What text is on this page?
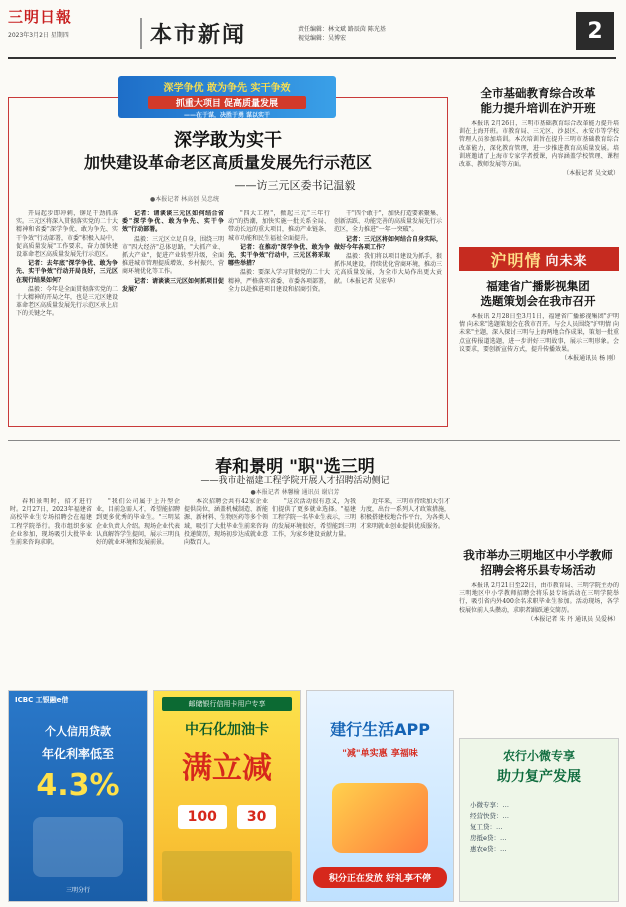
三明日報
2023年3月2日 星期四	本市新闻	责任编辑：林文斌 路辰茵 陈光基
视觉编辑：吴博宏	2
深学争优 敢为争先 实干争效
抓重大项目 促高质量发展
——在于谋，决胜于勇 谋以实干
深学敢为实干
加快建设革命老区高质量发展先行示范区
——访三元区委书记温毅
●本报记者 林高创 吴忠统

开局起步即冲刺，铆足干劲抓落实。三元区将深入贯彻落实党的二十大精神和省委"深学争优、敢为争先、实干争效"行动部署，市委"积极入局中，促高质量发展"工作要求，奋力加快建设革命老区高质量发展先行示范区。

记者：去年底"深学争优、敢为争先、实干争效"行动开局良好，三元区在现行结果如何？

温毅：今年是全面贯彻落实党的二十大精神的开局之年，也是三元区建设革命老区高质量发展先行示范区承上启下的关键之年。

记者：请谈谈三元区如何结合省委"深学争优、敢为争先、实干争效"行动部署。

温毅：三元区立足自身，围绕三明市"四大经济"总体思路，"大抓产业、抓大产业"，促进产业转型升级，全面推进城市管理提质增效、乡村振兴、营商环境优化等工作。

记者：请谈谈三元区如何抓项目促发展？

"四大工程"，掀起三元"三年行动"的热潮，加快实施一批关系全局、带动长远的重大项目，推动产业链条、城市功能和民生福祉全面提升。

记者：在推动"深学争优、敢为争先、实干争效"行动中，三元区将采取哪些举措？

温毅：要深入学习贯彻党的二十大精神，严格落实省委、市委各项部署，全力以赴推进项目建设和招商引资。

干"四个敢于"，加快打造要素聚集、创新活跃、功能完善的高质量发展先行示范区，全力推进"一年一突破"。

记者：三元区将如何结合自身实际，做好今年各项工作？

温毅：我们将以项目建设为抓手，狠抓作风建设，持续优化营商环境，推动三元高质量发展，为全市大局作出更大贡献。（本报记者 吴宏华）

全市基础教育综合改革
能力提升培训在沪开班

本报讯 2月26日，三明市基础教育综合改革能力提升培训在上海开班。市教育局、三元区、沙县区、永安市等学校管理人员参加培训。本次培训旨在提升三明市基础教育综合改革能力，深化教育管理，进一步推进教育高质量发展。培训班邀请了上海市专家学者授课，内容涵盖学校管理、课程改革、教师发展等方面。

（本报记者 吴文斌）

沪明情 向未来
福建省广播影视集团
选题策划会在我市召开

本报讯 2月28日至3月1日，福建省广播影视集团"沪明情 向未来"选题策划会在我市召开。与会人员围绕"沪明情 向未来"主题，深入探讨三明与上海两地合作成果，策划一批重点宣传报道选题，进一步讲好三明故事，展示三明形象。会议要求，要创新宣传方式，提升传播效果。

（本报通讯员 杨 刚）

春和景明 "职"选三明
——我市赴福建工程学院开展人才招聘活动侧记
●本报记者 林馨榆 通讯员 谢启芳

春和景明时，招才进行时。2月27日，2023年福建省高校毕业生专场招聘会在福建工程学院举行。我市组织多家企业参加，现场吸引大批毕业生前来咨询求职。

"我们公司属于上升型企业，目前急需人才，希望能招聘到更多优秀的毕业生。"三明某企业负责人介绍。现场企业代表认真解答学生提问，展示三明良好的就业环境和发展前景。

本次招聘会共有42家企业提供岗位，涵盖机械制造、新能源、新材料、生物医药等多个领域，吸引了大批毕业生前来咨询投递简历，现场初步达成就业意向数百人。

"这次活动很有意义，为我们提供了更多就业选择。"福建工程学院一名毕业生表示，三明的发展环境很好，希望能到三明工作，为家乡建设贡献力量。

近年来，三明市持续加大引才力度，出台一系列人才政策措施，积极搭建校地合作平台，为各类人才来明就业创业提供优质服务。

我市举办三明地区中小学教师
招聘会将乐县专场活动

本报讯 2月21日至22日，由市教育局、三明学院主办的三明地区中小学教师招聘会将乐县专场活动在三明学院举行，吸引省内外400余名求职毕业生参加。活动现场，各学校展位前人头攒动，求职者踊跃递交简历。

（本报记者 朱 丹 通讯员 吴爱林）

ICBC 工银融e借
个人信用贷款
年化利率低至
4.3%
三明分行
邮储银行信用卡用户专享
中石化加油卡
满立减
100	30
建行生活APP
"减"单实惠 享福味
积分正在发放 好礼享不停
农行小微专享
助力复产发展
小微专享：…
经营快贷：…
复工贷：…
房抵e贷：…
惠农e贷：…
